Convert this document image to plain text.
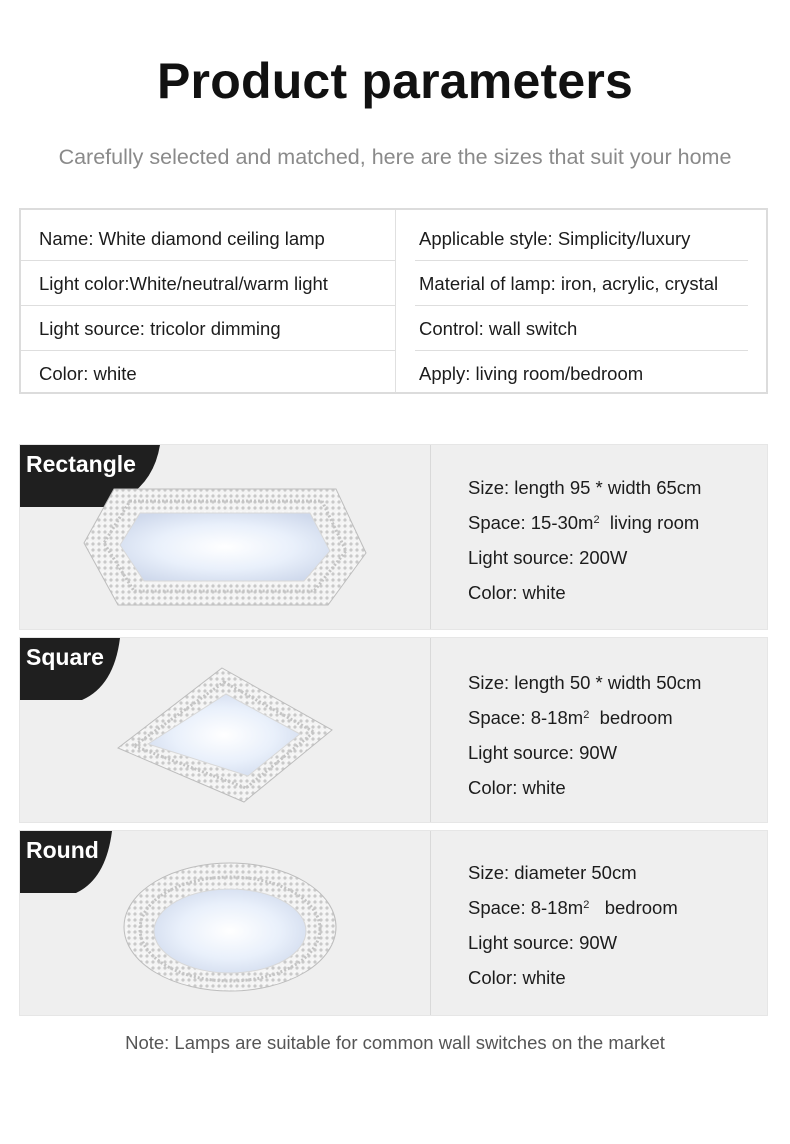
Product parameters
Carefully selected and matched, here are the sizes that suit your home
Name: White diamond ceiling lamp	Applicable style: Simplicity/luxury
Light color:White/neutral/warm light	Material of lamp: iron, acrylic, crystal
Light source: tricolor dimming	Control: wall switch
Color: white	Apply: living room/bedroom
Rectangle
Size: length 95 * width 65cm
Space: $15-30m^2$  living room
Light source: 200W
Color: white
Square
Size: length 50 * width 50cm
Space: $8-18m^2$  bedroom
Light source: 90W
Color: white
Round
Size: diameter 50cm
Space: $8-18m^2$   bedroom
Light source: 90W
Color: white
Note: Lamps are suitable for common wall switches on the market
